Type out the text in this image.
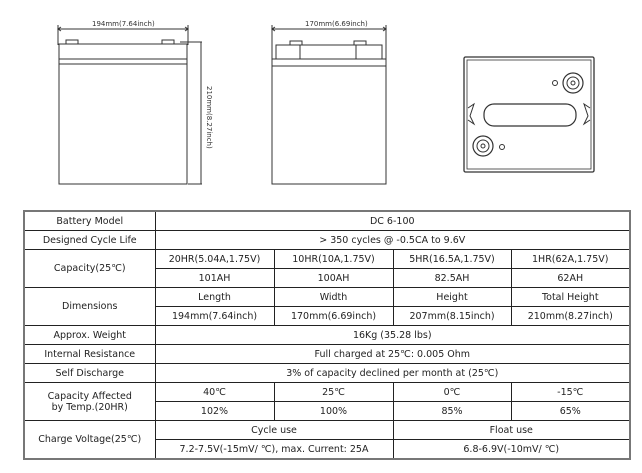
194mm(7.64inch)
210mm(8.27inch)
170mm(6.69inch)
Battery Model	DC 6-100			
Designed Cycle Life	> 350 cycles @ -0.5CA to 9.6V			
Capacity(25℃)	20HR(5.04A,1.75V)	10HR(10A,1.75V)	5HR(16.5A,1.75V)	1HR(62A,1.75V)
	101AH	100AH	82.5AH	62AH
Dimensions	Length	Width	Height	Total Height
	194mm(7.64inch)	170mm(6.69inch)	207mm(8.15inch)	210mm(8.27inch)
Approx. Weight	16Kg (35.28 lbs)			
Internal Resistance	Full charged at 25℃: 0.005 Ohm			
Self Discharge	3% of capacity declined per month at (25℃)			

Capacity Affected
by Temp.(20HR)	40℃	25℃	0℃	-15℃
	102%	100%	85%	65%
Charge Voltage(25℃)	Cycle use		Float use	
	7.2-7.5V(-15mV/ ℃), max. Current: 25A		6.8-6.9V(-10mV/ ℃)	
